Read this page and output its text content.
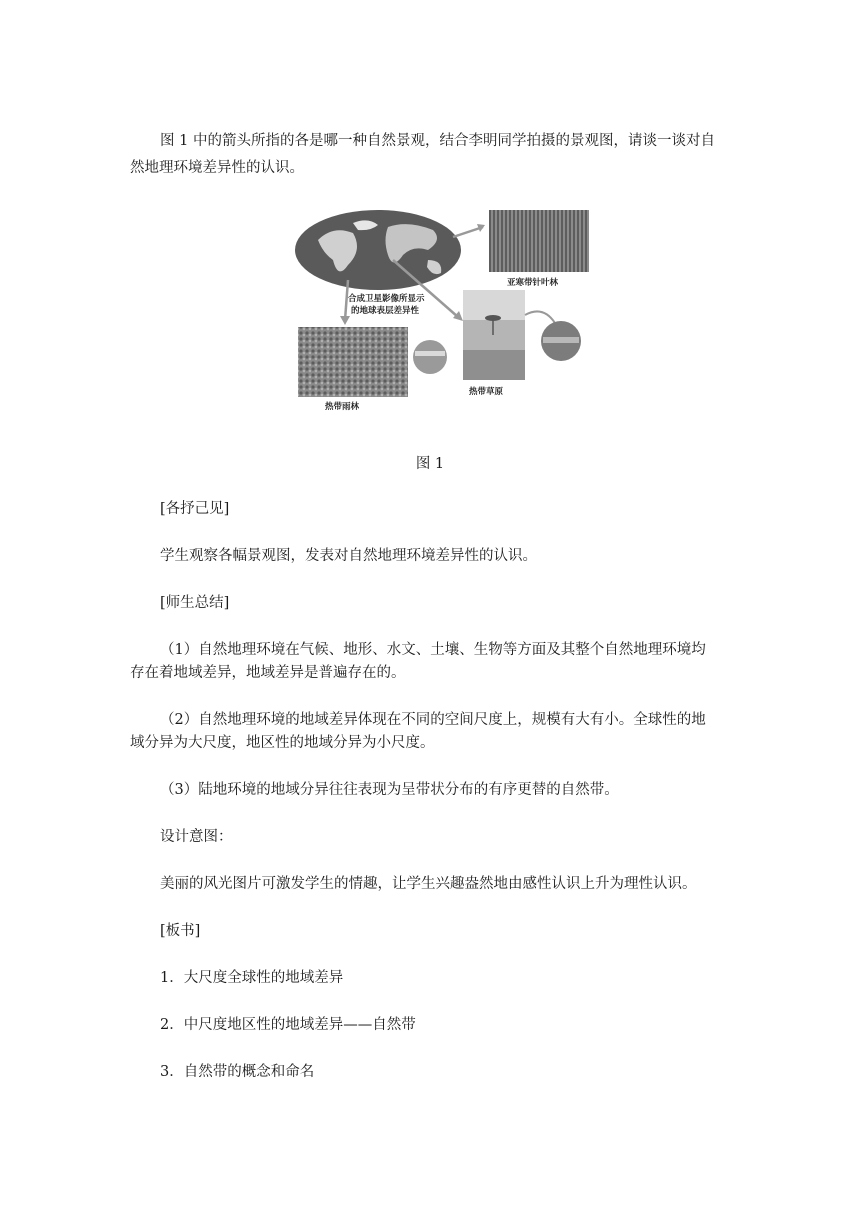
图 1 中的箭头所指的各是哪一种自然景观，结合李明同学拍摄的景观图，请谈一谈对自

然地理环境差异性的认识。

合成卫星影像所显示
的地球表层差异性
亚寒带针叶林
热带雨林
热带草原
图 1

[各抒己见]

学生观察各幅景观图，发表对自然地理环境差异性的认识。

[师生总结]

（1）自然地理环境在气候、地形、水文、土壤、生物等方面及其整个自然地理环境均

存在着地域差异，地域差异是普遍存在的。

（2）自然地理环境的地域差异体现在不同的空间尺度上，规模有大有小。全球性的地

域分异为大尺度，地区性的地域分异为小尺度。

（3）陆地环境的地域分异往往表现为呈带状分布的有序更替的自然带。

设计意图：

美丽的风光图片可激发学生的情趣，让学生兴趣盎然地由感性认识上升为理性认识。

[板书]

1．大尺度全球性的地域差异

2．中尺度地区性的地域差异——自然带

3．自然带的概念和命名
